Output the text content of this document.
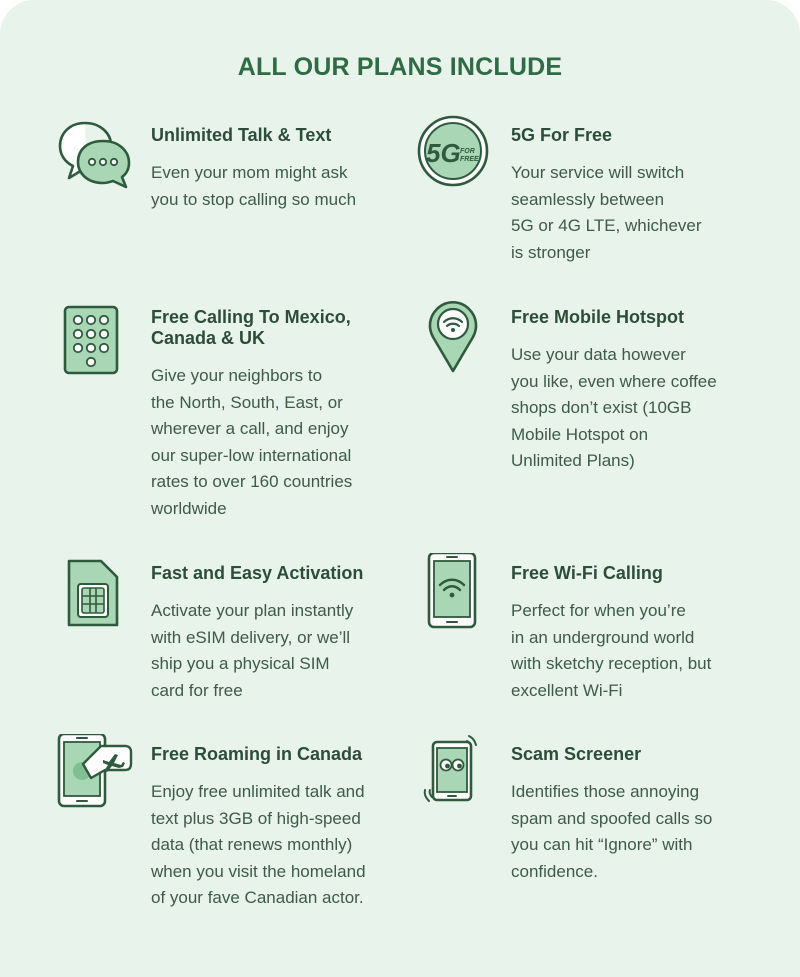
ALL OUR PLANS INCLUDE

Unlimited Talk & Text

Even your mom might ask
you to stop calling so much

5G FOR
FREE

5G For Free

Your service will switch
seamlessly between
5G or 4G LTE, whichever
is stronger

Free Calling To Mexico,
Canada & UK

Give your neighbors to
the North, South, East, or
wherever a call, and enjoy
our super-low international
rates to over 160 countries
worldwide

Free Mobile Hotspot

Use your data however
you like, even where coffee
shops don’t exist (10GB
Mobile Hotspot on
Unlimited Plans)

Fast and Easy Activation

Activate your plan instantly
with eSIM delivery, or we’ll
ship you a physical SIM
card for free

Free Wi-Fi Calling

Perfect for when you’re
in an underground world
with sketchy reception, but
excellent Wi-Fi

Free Roaming in Canada

Enjoy free unlimited talk and
text plus 3GB of high-speed
data (that renews monthly)
when you visit the homeland
of your fave Canadian actor.

Scam Screener

Identifies those annoying
spam and spoofed calls so
you can hit “Ignore” with
confidence.
